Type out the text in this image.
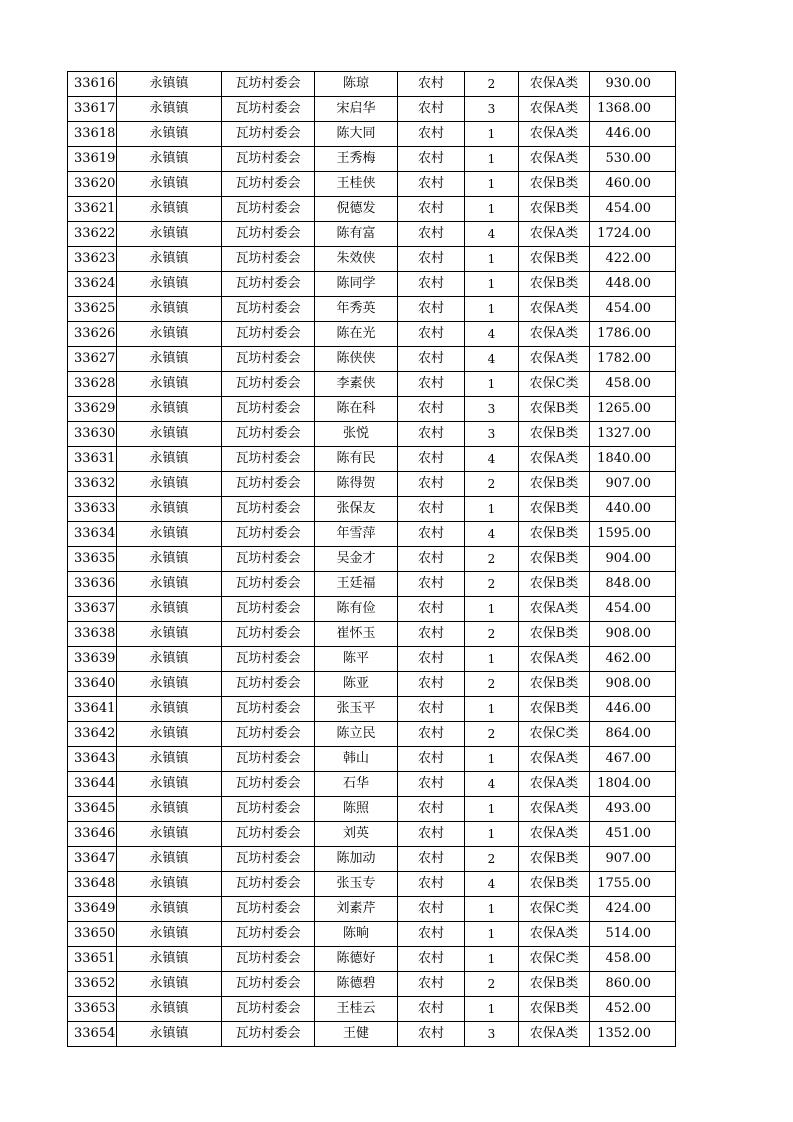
33616	永镇镇	瓦坊村委会	陈琼	农村	2	农保A类	930.00
33617	永镇镇	瓦坊村委会	宋启华	农村	3	农保A类	1368.00
33618	永镇镇	瓦坊村委会	陈大同	农村	1	农保A类	446.00
33619	永镇镇	瓦坊村委会	王秀梅	农村	1	农保A类	530.00
33620	永镇镇	瓦坊村委会	王桂侠	农村	1	农保B类	460.00
33621	永镇镇	瓦坊村委会	倪德发	农村	1	农保B类	454.00
33622	永镇镇	瓦坊村委会	陈有富	农村	4	农保A类	1724.00
33623	永镇镇	瓦坊村委会	朱效侠	农村	1	农保B类	422.00
33624	永镇镇	瓦坊村委会	陈同学	农村	1	农保B类	448.00
33625	永镇镇	瓦坊村委会	年秀英	农村	1	农保A类	454.00
33626	永镇镇	瓦坊村委会	陈在光	农村	4	农保A类	1786.00
33627	永镇镇	瓦坊村委会	陈侠侠	农村	4	农保A类	1782.00
33628	永镇镇	瓦坊村委会	李素侠	农村	1	农保C类	458.00
33629	永镇镇	瓦坊村委会	陈在科	农村	3	农保B类	1265.00
33630	永镇镇	瓦坊村委会	张悦	农村	3	农保B类	1327.00
33631	永镇镇	瓦坊村委会	陈有民	农村	4	农保A类	1840.00
33632	永镇镇	瓦坊村委会	陈得贺	农村	2	农保B类	907.00
33633	永镇镇	瓦坊村委会	张保友	农村	1	农保B类	440.00
33634	永镇镇	瓦坊村委会	年雪萍	农村	4	农保B类	1595.00
33635	永镇镇	瓦坊村委会	吴金才	农村	2	农保B类	904.00
33636	永镇镇	瓦坊村委会	王廷福	农村	2	农保B类	848.00
33637	永镇镇	瓦坊村委会	陈有俭	农村	1	农保A类	454.00
33638	永镇镇	瓦坊村委会	崔怀玉	农村	2	农保B类	908.00
33639	永镇镇	瓦坊村委会	陈平	农村	1	农保A类	462.00
33640	永镇镇	瓦坊村委会	陈亚	农村	2	农保B类	908.00
33641	永镇镇	瓦坊村委会	张玉平	农村	1	农保B类	446.00
33642	永镇镇	瓦坊村委会	陈立民	农村	2	农保C类	864.00
33643	永镇镇	瓦坊村委会	韩山	农村	1	农保A类	467.00
33644	永镇镇	瓦坊村委会	石华	农村	4	农保A类	1804.00
33645	永镇镇	瓦坊村委会	陈照	农村	1	农保A类	493.00
33646	永镇镇	瓦坊村委会	刘英	农村	1	农保A类	451.00
33647	永镇镇	瓦坊村委会	陈加动	农村	2	农保B类	907.00
33648	永镇镇	瓦坊村委会	张玉专	农村	4	农保B类	1755.00
33649	永镇镇	瓦坊村委会	刘素芹	农村	1	农保C类	424.00
33650	永镇镇	瓦坊村委会	陈晌	农村	1	农保A类	514.00
33651	永镇镇	瓦坊村委会	陈德好	农村	1	农保C类	458.00
33652	永镇镇	瓦坊村委会	陈德碧	农村	2	农保B类	860.00
33653	永镇镇	瓦坊村委会	王桂云	农村	1	农保B类	452.00
33654	永镇镇	瓦坊村委会	王健	农村	3	农保A类	1352.00
